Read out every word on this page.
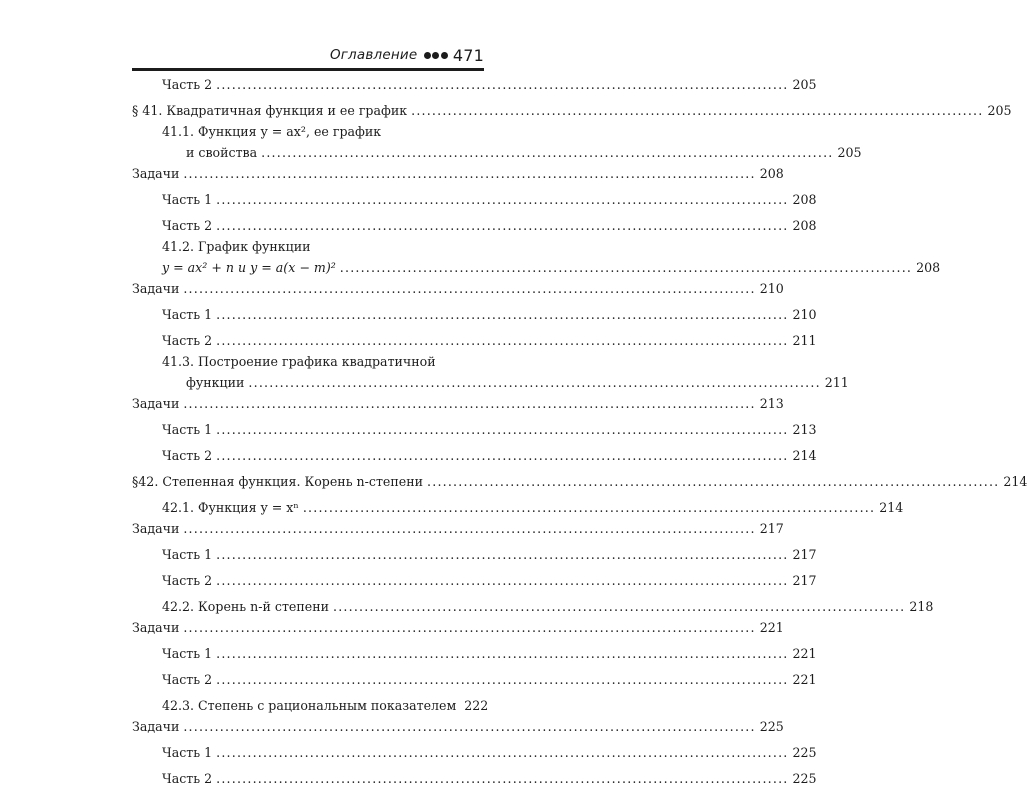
Оглавление 471
Часть 2 .............................................................................................................. 205
§ 41. Квадратичная функция и ее график .............................................................................................................. 205
41.1. Функция y = ax², ее график
и свойства .............................................................................................................. 205
Задачи .............................................................................................................. 208
Часть 1 .............................................................................................................. 208
Часть 2 .............................................................................................................. 208
41.2. График функции
y = ax² + n и y = a(x − m)² .............................................................................................................. 208
Задачи .............................................................................................................. 210
Часть 1 .............................................................................................................. 210
Часть 2 .............................................................................................................. 211
41.3. Построение графика квадратичной
функции .............................................................................................................. 211
Задачи .............................................................................................................. 213
Часть 1 .............................................................................................................. 213
Часть 2 .............................................................................................................. 214
§42. Степенная функция. Корень n-степени .............................................................................................................. 214
42.1. Функция y = xⁿ .............................................................................................................. 214
Задачи .............................................................................................................. 217
Часть 1 .............................................................................................................. 217
Часть 2 .............................................................................................................. 217
42.2. Корень n-й степени .............................................................................................................. 218
Задачи .............................................................................................................. 221
Часть 1 .............................................................................................................. 221
Часть 2 .............................................................................................................. 221
42.3. Степень с рациональным показателем 222
Задачи .............................................................................................................. 225
Часть 1 .............................................................................................................. 225
Часть 2 .............................................................................................................. 225
